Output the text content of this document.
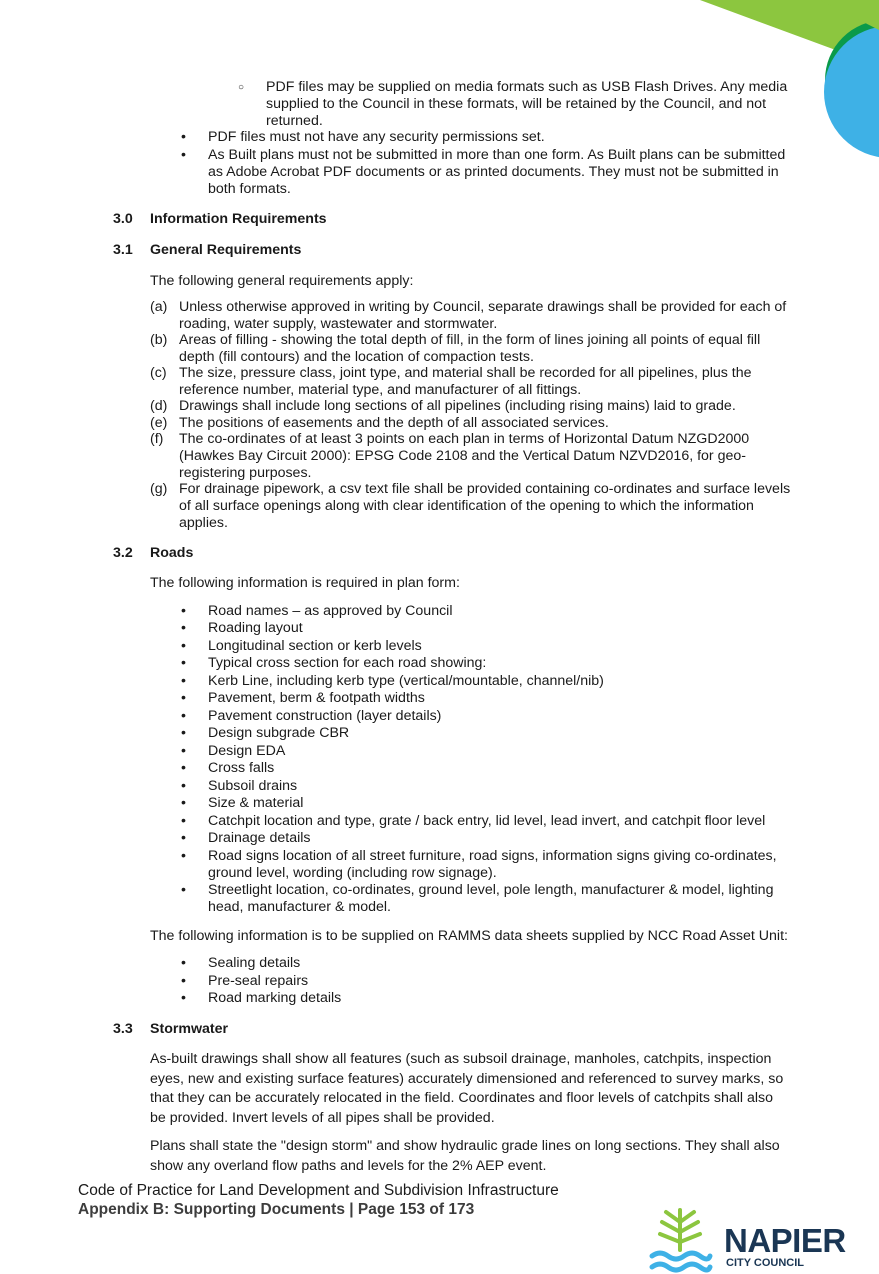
○ PDF files may be supplied on media formats such as USB Flash Drives. Any media
supplied to the Council in these formats, will be retained by the Council, and not
returned.
• PDF files must not have any security permissions set.
• As Built plans must not be submitted in more than one form. As Built plans can be submitted
as Adobe Acrobat PDF documents or as printed documents. They must not be submitted in
both formats.
3.0 Information Requirements
3.1 General Requirements
The following general requirements apply:
(a) Unless otherwise approved in writing by Council, separate drawings shall be provided for each of
roading, water supply, wastewater and stormwater.
(b) Areas of filling - showing the total depth of fill, in the form of lines joining all points of equal fill
depth (fill contours) and the location of compaction tests.
(c) The size, pressure class, joint type, and material shall be recorded for all pipelines, plus the
reference number, material type, and manufacturer of all fittings.
(d) Drawings shall include long sections of all pipelines (including rising mains) laid to grade.
(e) The positions of easements and the depth of all associated services.
(f) The co-ordinates of at least 3 points on each plan in terms of Horizontal Datum NZGD2000
(Hawkes Bay Circuit 2000): EPSG Code 2108 and the Vertical Datum NZVD2016, for geo-
registering purposes.
(g) For drainage pipework, a csv text file shall be provided containing co-ordinates and surface levels
of all surface openings along with clear identification of the opening to which the information
applies.
3.2 Roads
The following information is required in plan form:
• Road names – as approved by Council
• Roading layout
• Longitudinal section or kerb levels
• Typical cross section for each road showing:
• Kerb Line, including kerb type (vertical/mountable, channel/nib)
• Pavement, berm & footpath widths
• Pavement construction (layer details)
• Design subgrade CBR
• Design EDA
• Cross falls
• Subsoil drains
• Size & material
• Catchpit location and type, grate / back entry, lid level, lead invert, and catchpit floor level
• Drainage details
• Road signs location of all street furniture, road signs, information signs giving co-ordinates,
ground level, wording (including row signage).
• Streetlight location, co-ordinates, ground level, pole length, manufacturer & model, lighting
head, manufacturer & model.
The following information is to be supplied on RAMMS data sheets supplied by NCC Road Asset Unit:
• Sealing details
• Pre-seal repairs
• Road marking details
3.3 Stormwater
As-built drawings shall show all features (such as subsoil drainage, manholes, catchpits, inspection
eyes, new and existing surface features) accurately dimensioned and referenced to survey marks, so
that they can be accurately relocated in the field. Coordinates and floor levels of catchpits shall also
be provided. Invert levels of all pipes shall be provided.
Plans shall state the "design storm" and show hydraulic grade lines on long sections. They shall also
show any overland flow paths and levels for the 2% AEP event.
Code of Practice for Land Development and Subdivision Infrastructure
Appendix B: Supporting Documents | Page 153 of 173
NAPIER
CITY COUNCIL
